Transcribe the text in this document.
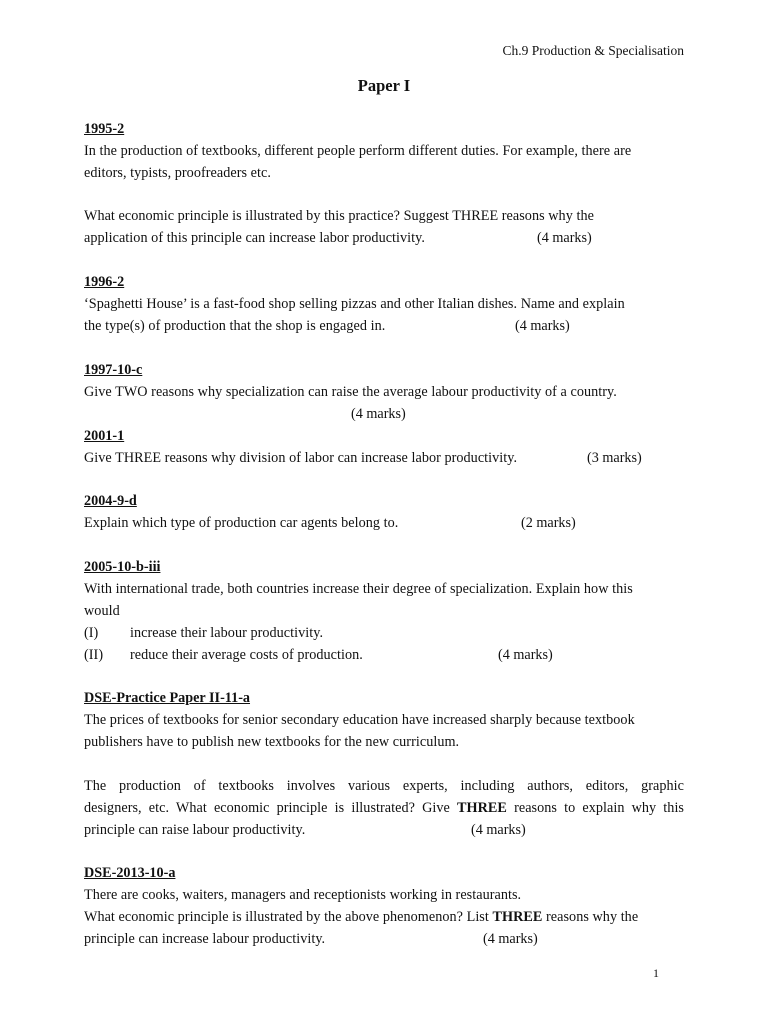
Ch.9 Production & Specialisation
Paper I
1995-2
In the production of textbooks, different people perform different duties. For example, there are
editors, typists, proofreaders etc.
What economic principle is illustrated by this practice? Suggest THREE reasons why the
application of this principle can increase labor productivity.	(4 marks)
1996-2
‘Spaghetti House’ is a fast-food shop selling pizzas and other Italian dishes. Name and explain
the type(s) of production that the shop is engaged in.	(4 marks)
1997-10-c
Give TWO reasons why specialization can raise the average labour productivity of a country.
(4 marks)
2001-1
Give THREE reasons why division of labor can increase labor productivity.	(3 marks)
2004-9-d
Explain which type of production car agents belong to.	(2 marks)
2005-10-b-iii
With international trade, both countries increase their degree of specialization. Explain how this
would
(I) increase their labour productivity.
(II) reduce their average costs of production.	(4 marks)
DSE-Practice Paper II-11-a
The prices of textbooks for senior secondary education have increased sharply because textbook
publishers have to publish new textbooks for the new curriculum.
The production of textbooks involves various experts, including authors, editors, graphic
designers, etc. What economic principle is illustrated? Give THREE reasons to explain why this
principle can raise labour productivity.	(4 marks)
DSE-2013-10-a
There are cooks, waiters, managers and receptionists working in restaurants.
What economic principle is illustrated by the above phenomenon? List THREE reasons why the
principle can increase labour productivity.	(4 marks)
1
